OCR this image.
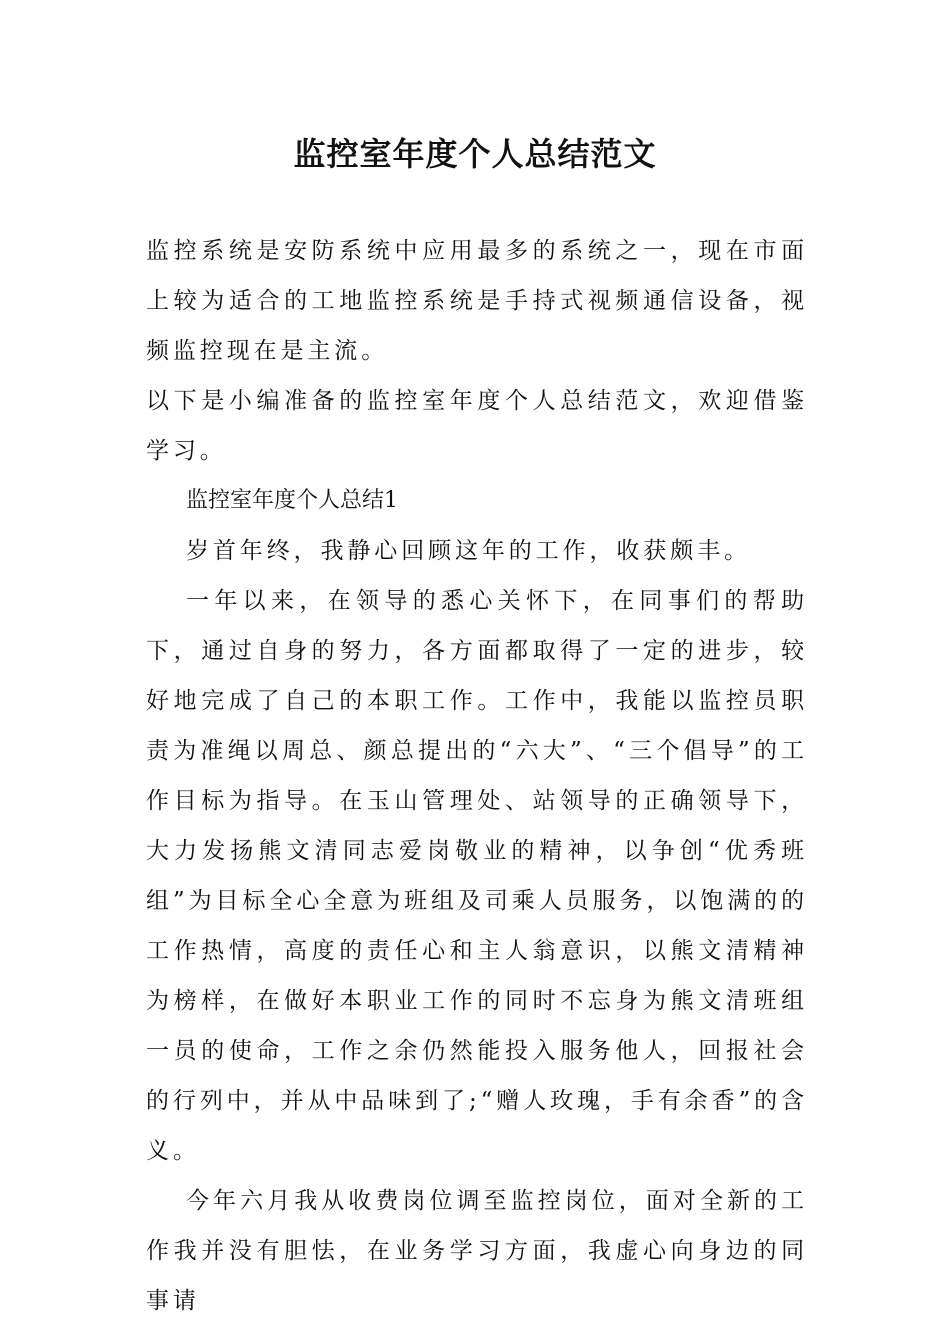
监控室年度个人总结范文

监控系统是安防系统中应用最多的系统之一，现在市面上较为适合的工地监控系统是手持式视频通信设备，视频监控现在是主流。

以下是小编准备的监控室年度个人总结范文，欢迎借鉴学习。

监控室年度个人总结1

岁首年终，我静心回顾这年的工作，收获颇丰。

一年以来，在领导的悉心关怀下，在同事们的帮助下，通过自身的努力，各方面都取得了一定的进步，较好地完成了自己的本职工作。工作中，我能以监控员职责为准绳以周总、颜总提出的“六大”、“三个倡导”的工作目标为指导。在玉山管理处、站领导的正确领导下，大力发扬熊文清同志爱岗敬业的精神，以争创“优秀班组”为目标全心全意为班组及司乘人员服务，以饱满的的工作热情，高度的责任心和主人翁意识，以熊文清精神为榜样，在做好本职业工作的同时不忘身为熊文清班组一员的使命，工作之余仍然能投入服务他人，回报社会的行列中，并从中品味到了;“赠人玫瑰，手有余香”的含义。

今年六月我从收费岗位调至监控岗位，面对全新的工作我并没有胆怯，在业务学习方面，我虚心向身边的同事请
